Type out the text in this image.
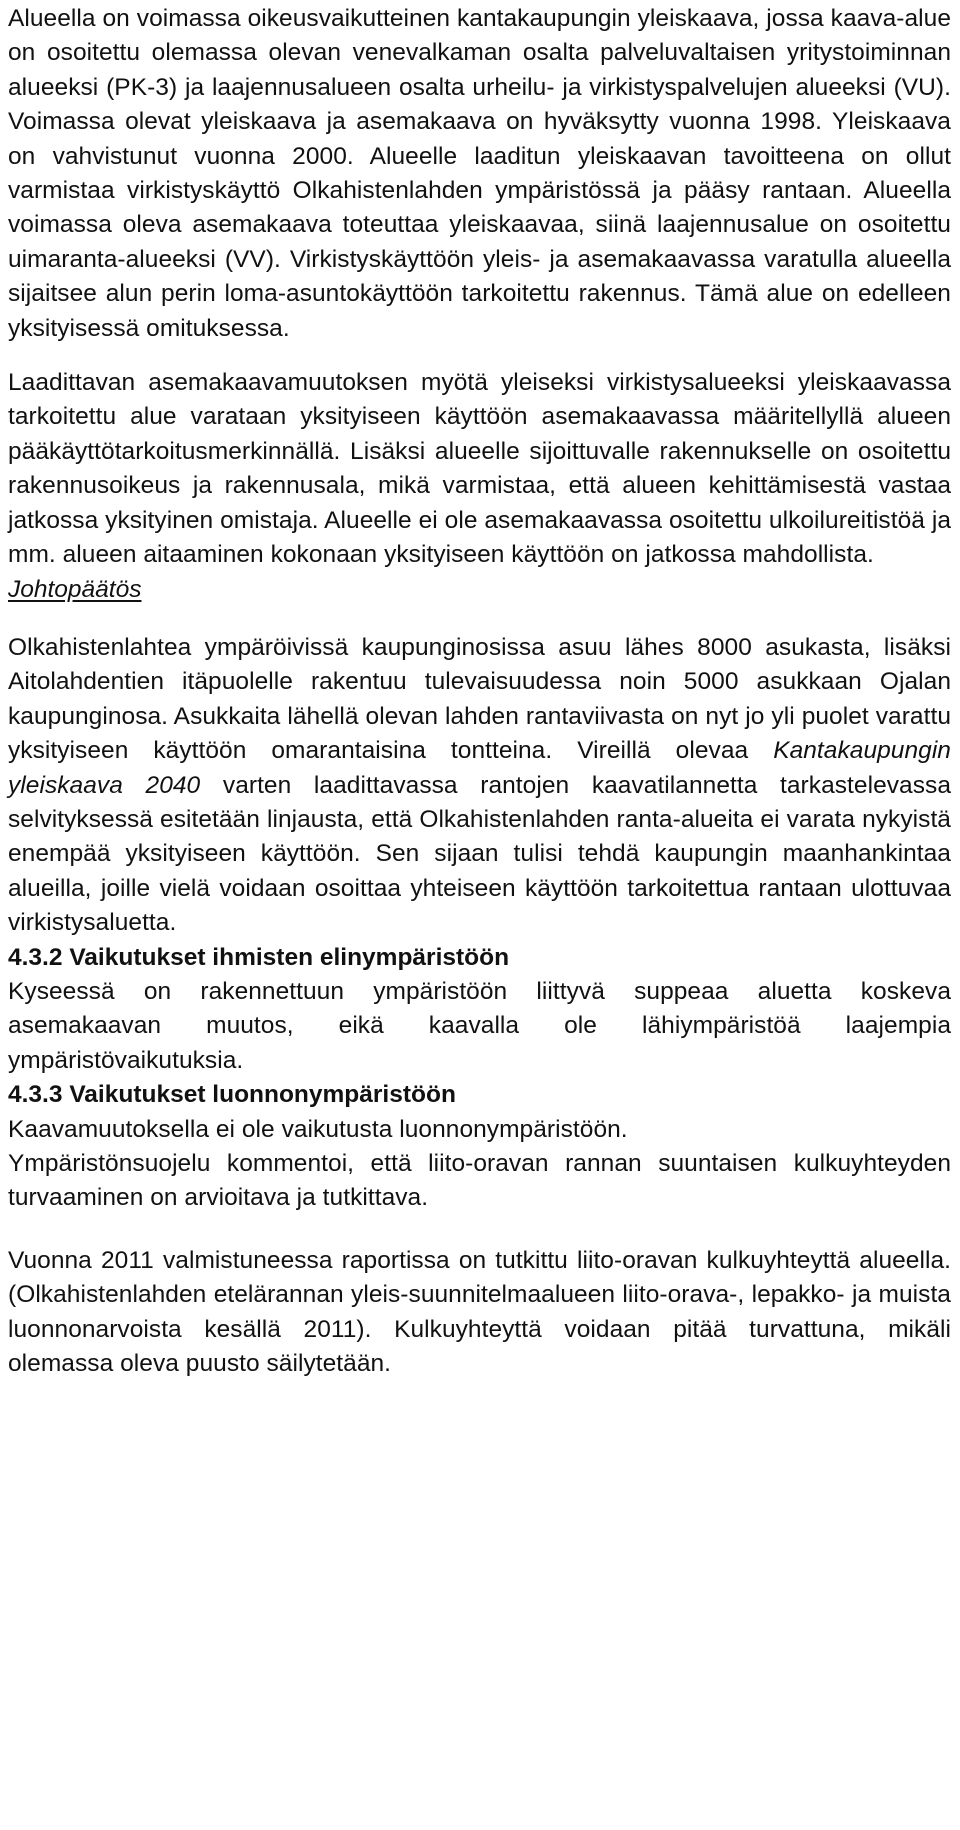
Alueella on voimassa oikeusvaikutteinen kantakaupungin yleiskaava, jossa kaava-alue on osoitettu olemassa olevan venevalkaman osalta palveluvaltaisen yritystoiminnan alueeksi (PK-3) ja laajennusalueen osalta urheilu- ja virkistyspalvelujen alueeksi (VU). Voimassa olevat yleiskaava ja asemakaava on hyväksytty vuonna 1998. Yleiskaava on vahvistunut vuonna 2000. Alueelle laaditun yleiskaavan tavoitteena on ollut varmistaa virkistyskäyttö Olkahistenlahden ympäristössä ja pääsy rantaan. Alueella voimassa oleva asemakaava toteuttaa yleiskaavaa, siinä laajennusalue on osoitettu uimaranta-alueeksi (VV). Virkistyskäyttöön yleis- ja asemakaavassa varatulla alueella sijaitsee alun perin loma-asuntokäyttöön tarkoitettu rakennus. Tämä alue on edelleen yksityisessä omituksessa.

Laadittavan asemakaavamuutoksen myötä yleiseksi virkistysalueeksi yleiskaavassa tarkoitettu alue varataan yksityiseen käyttöön asemakaavassa määritellyllä alueen pääkäyttötarkoitusmerkinnällä. Lisäksi alueelle sijoittuvalle rakennukselle on osoitettu rakennusoikeus ja rakennusala, mikä varmistaa, että alueen kehittämisestä vastaa jatkossa yksityinen omistaja. Alueelle ei ole asemakaavassa osoitettu ulkoilureitistöä ja mm. alueen aitaaminen kokonaan yksityiseen käyttöön on jatkossa mahdollista.

Johtopäätös

Olkahistenlahtea ympäröivissä kaupunginosissa asuu lähes 8000 asukasta, lisäksi Aitolahdentien itäpuolelle rakentuu tulevaisuudessa noin 5000 asukkaan Ojalan kaupunginosa. Asukkaita lähellä olevan lahden rantaviivasta on nyt jo yli puolet varattu yksityiseen käyttöön omarantaisina tontteina. Vireillä olevaa Kantakaupungin yleiskaava 2040 varten laadittavassa rantojen kaavatilannetta tarkastelevassa selvityksessä esitetään linjausta, että Olkahistenlahden ranta-alueita ei varata nykyistä enempää yksityiseen käyttöön. Sen sijaan tulisi tehdä kaupungin maanhankintaa alueilla, joille vielä voidaan osoittaa yhteiseen käyttöön tarkoitettua rantaan ulottuvaa virkistysaluetta.

4.3.2 Vaikutukset ihmisten elinympäristöön

Kyseessä on rakennettuun ympäristöön liittyvä suppeaa aluetta koskeva asemakaavan muutos, eikä kaavalla ole lähiympäristöä laajempia ympäristövaikutuksia.

4.3.3 Vaikutukset luonnonympäristöön

Kaavamuutoksella ei ole vaikutusta luonnonympäristöön.

Ympäristönsuojelu kommentoi, että liito-oravan rannan suuntaisen kulkuyhteyden turvaaminen on arvioitava ja tutkittava.

Vuonna 2011 valmistuneessa raportissa on tutkittu liito-oravan kulkuyhteyttä alueella. (Olkahistenlahden etelärannan yleis-suunnitelmaalueen liito-orava-, lepakko- ja muista luonnonarvoista kesällä 2011). Kulkuyhteyttä voidaan pitää turvattuna, mikäli olemassa oleva puusto säilytetään.
